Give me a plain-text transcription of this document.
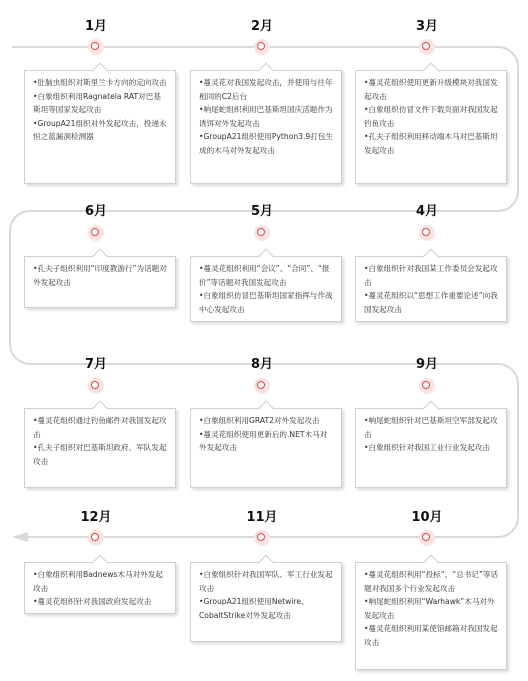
1月
•肚脑虫组织对斯里兰卡方向的定向攻击
•白象组织利用Ragnatela RAT对巴基斯坦等国家发起攻击
•GroupA21组织对外发起攻击，投递永恒之蓝漏洞检测器
2月
•蔓灵花对我国发起攻击，并使用与往年相同的C2后台
•响尾蛇组织利用巴基斯坦国庆活题作为诱饵对外发起攻击
•GroupA21组织使用Python3.9打包生成的木马对外发起攻击
3月
•蔓灵花组织使用更新升级模块对我国发起攻击
•白象组织仿冒文件下载页面对我国发起钓鱼攻击
•孔夫子组织利用移动端木马对巴基斯坦发起攻击
6月
•孔夫子组织利用“印度教游行”为话题对外发起攻击
5月
•蔓灵花组织利用“会议”、“合同”、“报价”等话题对我国发起攻击
•白象组织仿冒巴基斯坦国家指挥与作战中心发起攻击
4月
•白象组织针对我国某工作委员会发起攻击
•蔓灵花组织以“思想工作重要论述”向我国发起攻击
7月
•蔓灵花组织通过钓鱼邮件对我国发起攻击
•孔夫子组织对巴基斯坦政府、军队发起攻击
8月
•白象组织利用GRAT2对外发起攻击
•蔓灵花组织使用更新后的.NET木马对外发起攻击
9月
•响尾蛇组织针对巴基斯坦空军部发起攻击
•白象组织针对我国工业行业发起攻击
12月
•白象组织利用Badnews木马对外发起攻击
•蔓灵花组织针对我国政府发起攻击
11月
•白象组织针对我国军队、军工行业发起攻击
•GroupA21组织使用Netwire、CobaltStrike对外发起攻击
10月
•蔓灵花组织利用“投标”、“总书记”等话题对我国多个行业发起攻击
•响尾蛇组织利用“Warhawk”木马对外发起攻击
•蔓灵花组织利用某使馆邮箱对我国发起攻击
